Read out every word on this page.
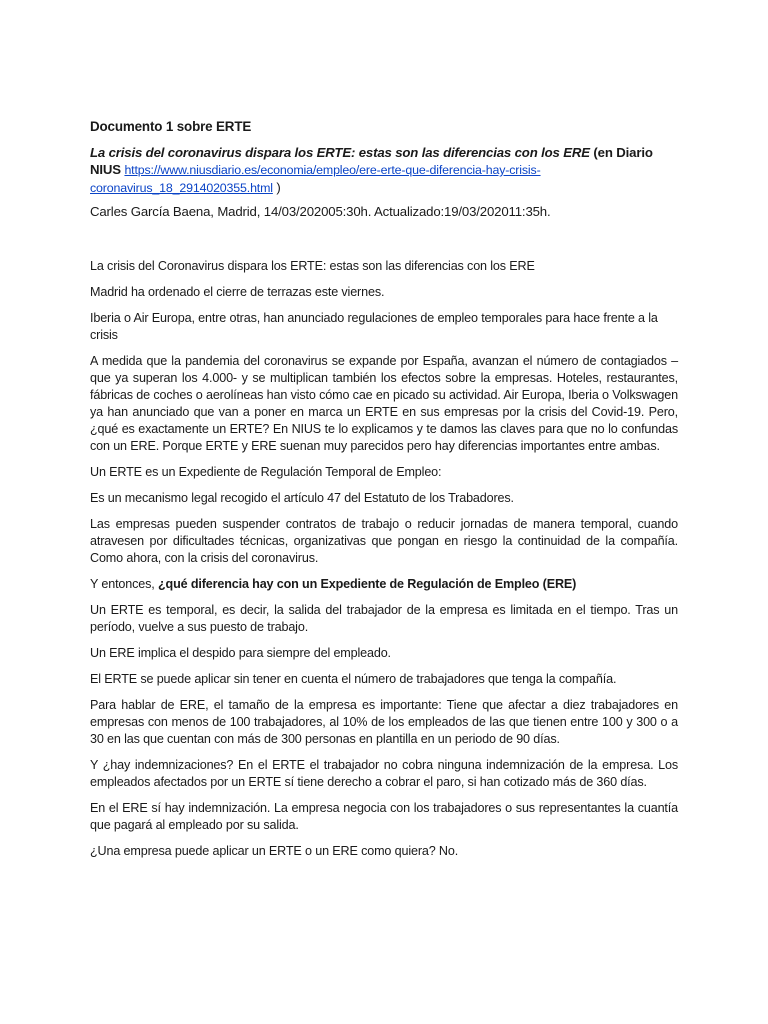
Documento 1 sobre ERTE
La crisis del coronavirus dispara los ERTE: estas son las diferencias con los ERE (en Diario NIUS https://www.niusdiario.es/economia/empleo/ere-erte-que-diferencia-hay-crisis-coronavirus_18_2914020355.html )
Carles García Baena, Madrid, 14/03/202005:30h. Actualizado:19/03/202011:35h.

La crisis del Coronavirus dispara los ERTE: estas son las diferencias con los ERE

Madrid ha ordenado el cierre de terrazas este viernes.

Iberia o Air Europa, entre otras, han anunciado regulaciones de empleo temporales para hace frente a la crisis

A medida que la pandemia del coronavirus se expande por España, avanzan el número de contagiados – que ya superan los 4.000- y se multiplican también los efectos sobre la empresas. Hoteles, restaurantes, fábricas de coches o aerolíneas han visto cómo cae en picado su actividad. Air Europa, Iberia o Volkswagen ya han anunciado que van a poner en marca un ERTE en sus empresas por la crisis del Covid-19. Pero, ¿qué es exactamente un ERTE? En NIUS te lo explicamos y te damos las claves para que no lo confundas con un ERE. Porque ERTE y ERE suenan muy parecidos pero hay diferencias importantes entre ambas.

Un ERTE es un Expediente de Regulación Temporal de Empleo:

Es un mecanismo legal recogido el artículo 47 del Estatuto de los Trabadores.

Las empresas pueden suspender contratos de trabajo o reducir jornadas de manera temporal, cuando atravesen por dificultades técnicas, organizativas que pongan en riesgo la continuidad de la compañía. Como ahora, con la crisis del coronavirus.

Y entonces, ¿qué diferencia hay con un Expediente de Regulación de Empleo (ERE)

Un ERTE es temporal, es decir, la salida del trabajador de la empresa es limitada en el tiempo. Tras un período, vuelve a sus puesto de trabajo.

Un ERE implica el despido para siempre del empleado.

El ERTE se puede aplicar sin tener en cuenta el número de trabajadores que tenga la compañía.

Para hablar de ERE, el tamaño de la empresa es importante: Tiene que afectar a diez trabajadores en empresas con menos de 100 trabajadores, al 10% de los empleados de las que tienen entre 100 y 300 o a 30 en las que cuentan con más de 300 personas en plantilla en un periodo de 90 días.

Y ¿hay indemnizaciones? En el ERTE el trabajador no cobra ninguna indemnización de la empresa. Los empleados afectados por un ERTE sí tiene derecho a cobrar el paro, si han cotizado más de 360 días.

En el ERE sí hay indemnización. La empresa negocia con los trabajadores o sus representantes la cuantía que pagará al empleado por su salida.

¿Una empresa puede aplicar un ERTE o un ERE como quiera? No.
